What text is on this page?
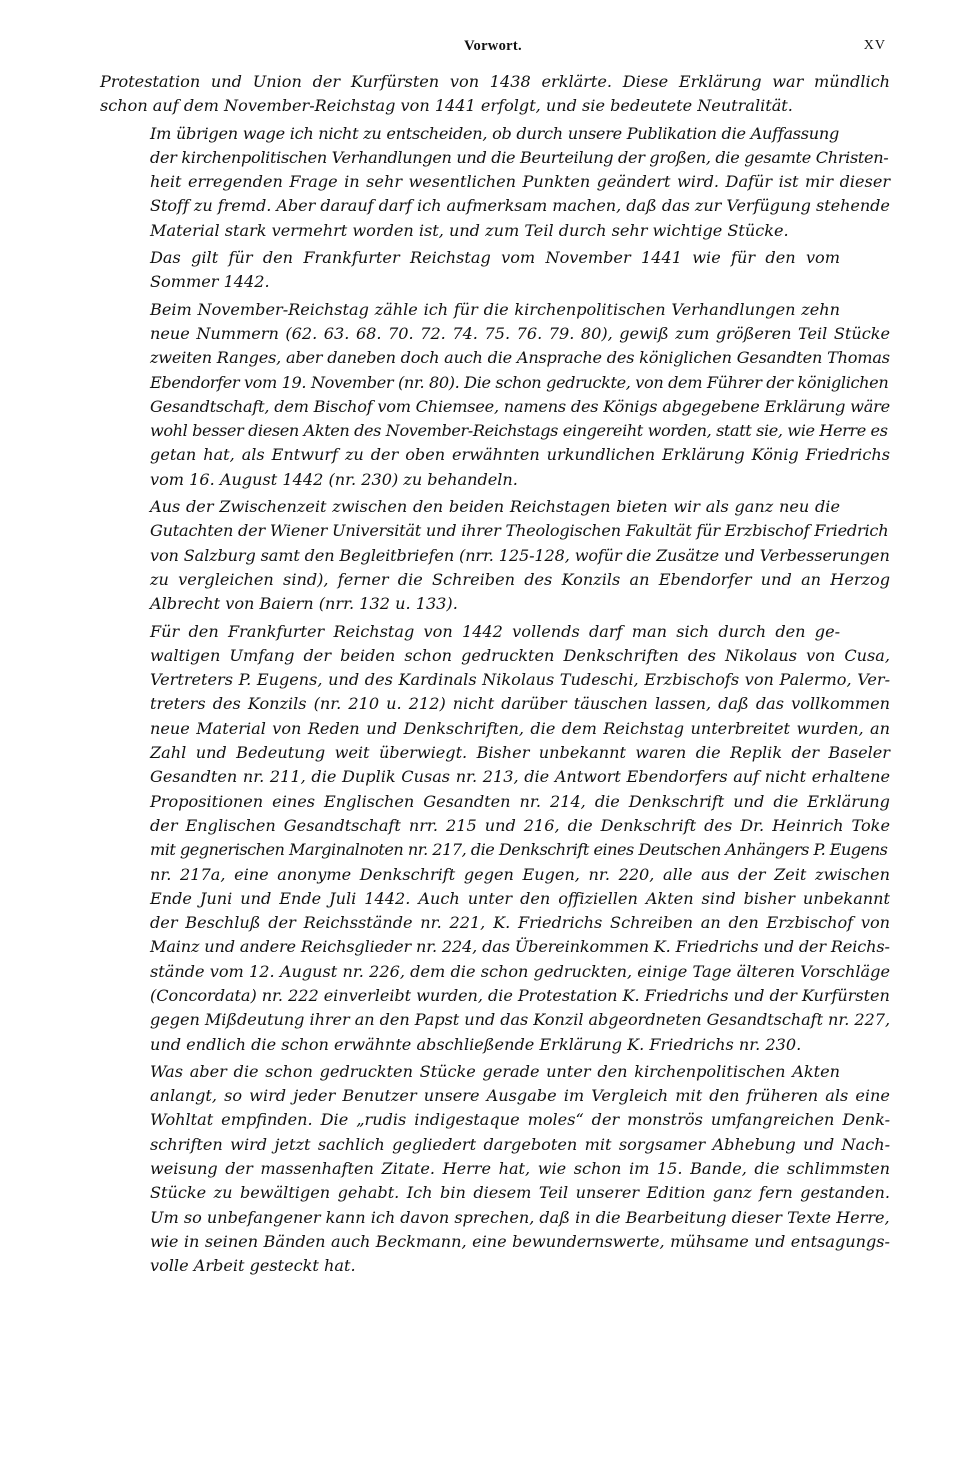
Vorwort.	XV

Protestation und Union der Kurfürsten von 1438 erklärte. Diese Erklärung war mündlich
schon auf dem November-Reichstag von 1441 erfolgt, und sie bedeutete Neutralität.

Im übrigen wage ich nicht zu entscheiden, ob durch unsere Publikation die Auffassung
der kirchenpolitischen Verhandlungen und die Beurteilung der großen, die gesamte Christen-
heit erregenden Frage in sehr wesentlichen Punkten geändert wird. Dafür ist mir dieser
Stoff zu fremd. Aber darauf darf ich aufmerksam machen, daß das zur Verfügung stehende
Material stark vermehrt worden ist, und zum Teil durch sehr wichtige Stücke.

Das gilt für den Frankfurter Reichstag vom November 1441 wie für den vom
Sommer 1442.

Beim November-Reichstag zähle ich für die kirchenpolitischen Verhandlungen zehn
neue Nummern (62. 63. 68. 70. 72. 74. 75. 76. 79. 80), gewiß zum größeren Teil Stücke
zweiten Ranges, aber daneben doch auch die Ansprache des königlichen Gesandten Thomas
Ebendorfer vom 19. November (nr. 80). Die schon gedruckte, von dem Führer der königlichen
Gesandtschaft, dem Bischof vom Chiemsee, namens des Königs abgegebene Erklärung wäre
wohl besser diesen Akten des November-Reichstags eingereiht worden, statt sie, wie Herre es
getan hat, als Entwurf zu der oben erwähnten urkundlichen Erklärung König Friedrichs
vom 16. August 1442 (nr. 230) zu behandeln.

Aus der Zwischenzeit zwischen den beiden Reichstagen bieten wir als ganz neu die
Gutachten der Wiener Universität und ihrer Theologischen Fakultät für Erzbischof Friedrich
von Salzburg samt den Begleitbriefen (nrr. 125-128, wofür die Zusätze und Verbesserungen
zu vergleichen sind), ferner die Schreiben des Konzils an Ebendorfer und an Herzog
Albrecht von Baiern (nrr. 132 u. 133).

Für den Frankfurter Reichstag von 1442 vollends darf man sich durch den ge-
waltigen Umfang der beiden schon gedruckten Denkschriften des Nikolaus von Cusa,
Vertreters P. Eugens, und des Kardinals Nikolaus Tudeschi, Erzbischofs von Palermo, Ver-
treters des Konzils (nr. 210 u. 212) nicht darüber täuschen lassen, daß das vollkommen
neue Material von Reden und Denkschriften, die dem Reichstag unterbreitet wurden, an
Zahl und Bedeutung weit überwiegt. Bisher unbekannt waren die Replik der Baseler
Gesandten nr. 211, die Duplik Cusas nr. 213, die Antwort Ebendorfers auf nicht erhaltene
Propositionen eines Englischen Gesandten nr. 214, die Denkschrift und die Erklärung
der Englischen Gesandtschaft nrr. 215 und 216, die Denkschrift des Dr. Heinrich Toke
mit gegnerischen Marginalnoten nr. 217, die Denkschrift eines Deutschen Anhängers P. Eugens
nr. 217a, eine anonyme Denkschrift gegen Eugen, nr. 220, alle aus der Zeit zwischen
Ende Juni und Ende Juli 1442. Auch unter den offiziellen Akten sind bisher unbekannt
der Beschluß der Reichsstände nr. 221, K. Friedrichs Schreiben an den Erzbischof von
Mainz und andere Reichsglieder nr. 224, das Übereinkommen K. Friedrichs und der Reichs-
stände vom 12. August nr. 226, dem die schon gedruckten, einige Tage älteren Vorschläge
(Concordata) nr. 222 einverleibt wurden, die Protestation K. Friedrichs und der Kurfürsten
gegen Mißdeutung ihrer an den Papst und das Konzil abgeordneten Gesandtschaft nr. 227,
und endlich die schon erwähnte abschließende Erklärung K. Friedrichs nr. 230.

Was aber die schon gedruckten Stücke gerade unter den kirchenpolitischen Akten
anlangt, so wird jeder Benutzer unsere Ausgabe im Vergleich mit den früheren als eine
Wohltat empfinden. Die „rudis indigestaque moles“ der monströs umfangreichen Denk-
schriften wird jetzt sachlich gegliedert dargeboten mit sorgsamer Abhebung und Nach-
weisung der massenhaften Zitate. Herre hat, wie schon im 15. Bande, die schlimmsten
Stücke zu bewältigen gehabt. Ich bin diesem Teil unserer Edition ganz fern gestanden.
Um so unbefangener kann ich davon sprechen, daß in die Bearbeitung dieser Texte Herre,
wie in seinen Bänden auch Beckmann, eine bewundernswerte, mühsame und entsagungs-
volle Arbeit gesteckt hat.
